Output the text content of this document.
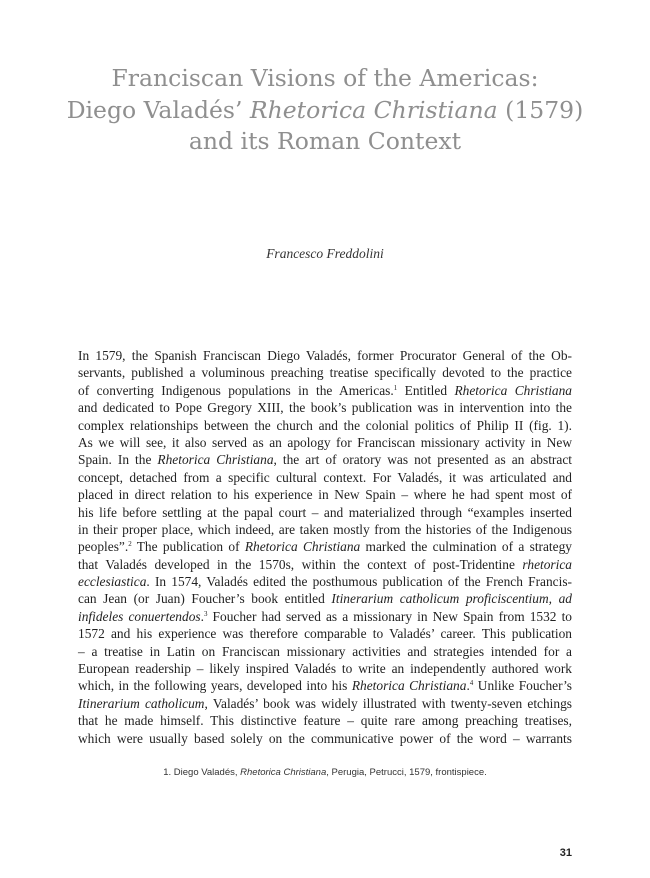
Franciscan Visions of the Americas:
Diego Valadés’ Rhetorica Christiana (1579)
and its Roman Context
Francesco Freddolini
In 1579, the Spanish Franciscan Diego Valadés, former Procurator General of the Ob-
servants, published a voluminous preaching treatise specifically devoted to the practice
of converting Indigenous populations in the Americas.$^1$ Entitled Rhetorica Christiana
and dedicated to Pope Gregory XIII, the book’s publication was in intervention into the
complex relationships between the church and the colonial politics of Philip II (fig. 1).
As we will see, it also served as an apology for Franciscan missionary activity in New
Spain. In the Rhetorica Christiana, the art of oratory was not presented as an abstract
concept, detached from a specific cultural context. For Valadés, it was articulated and
placed in direct relation to his experience in New Spain – where he had spent most of
his life before settling at the papal court – and materialized through “examples inserted
in their proper place, which indeed, are taken mostly from the histories of the Indigenous
peoples”.$^2$ The publication of Rhetorica Christiana marked the culmination of a strategy
that Valadés developed in the 1570s, within the context of post-Tridentine rhetorica
ecclesiastica. In 1574, Valadés edited the posthumous publication of the French Francis-
can Jean (or Juan) Foucher’s book entitled Itinerarium catholicum proficiscentium, ad
infideles conuertendos.$^3$ Foucher had served as a missionary in New Spain from 1532 to
1572 and his experience was therefore comparable to Valadés’ career. This publication
– a treatise in Latin on Franciscan missionary activities and strategies intended for a
European readership – likely inspired Valadés to write an independently authored work
which, in the following years, developed into his Rhetorica Christiana.$^4$ Unlike Foucher’s
Itinerarium catholicum, Valadés’ book was widely illustrated with twenty-seven etchings
that he made himself. This distinctive feature – quite rare among preaching treatises,
which were usually based solely on the communicative power of the word – warrants
1. Diego Valadés, Rhetorica Christiana, Perugia, Petrucci, 1579, frontispiece.
31
